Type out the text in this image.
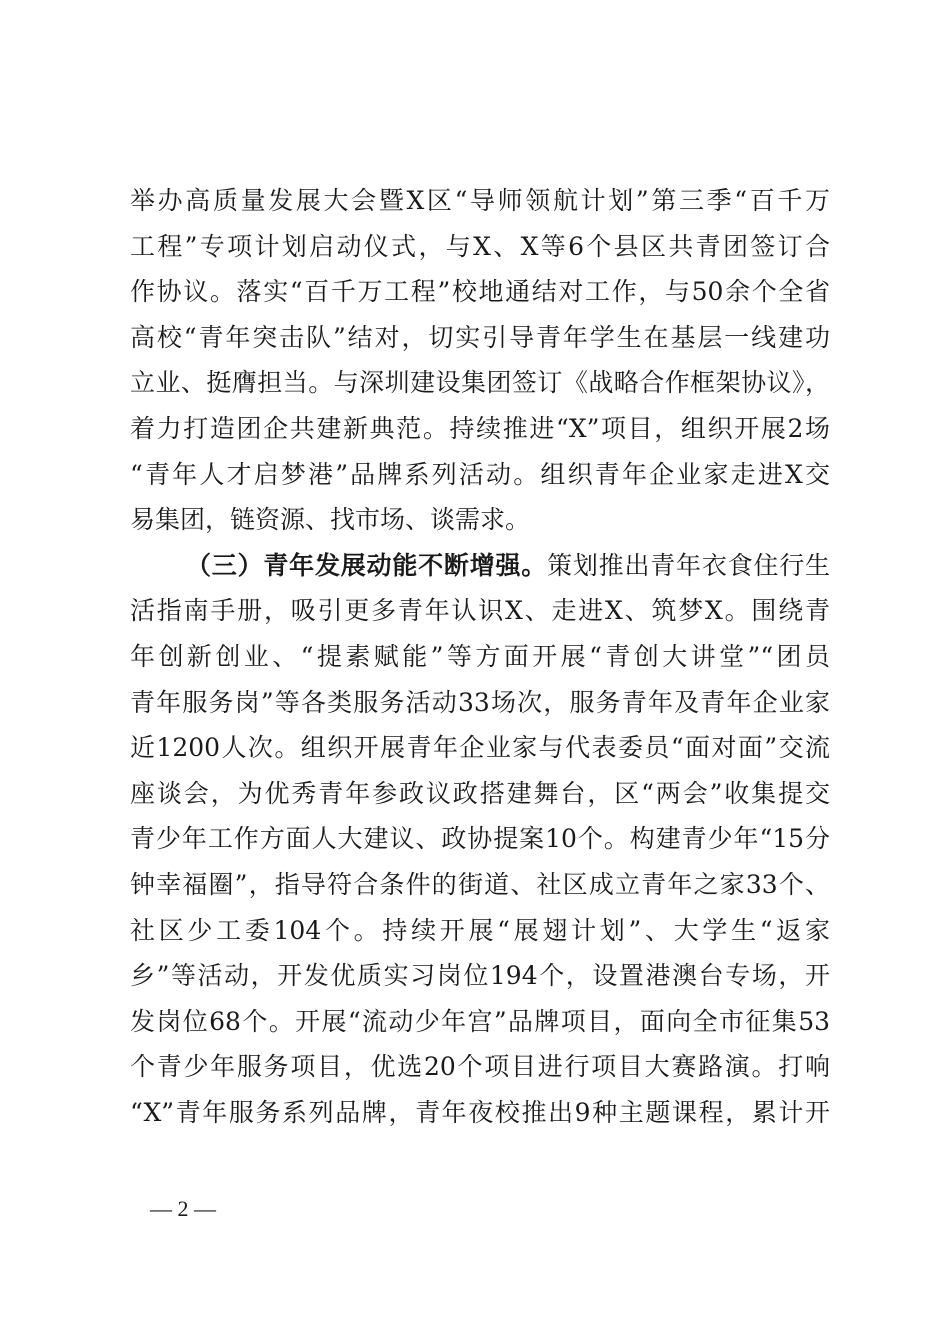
举办高质量发展大会暨X区“导师领航计划”第三季“百千万
工程”专项计划启动仪式，与X、X等6个县区共青团签订合
作协议。落实“百千万工程”校地通结对工作，与50余个全省
高校“青年突击队”结对，切实引导青年学生在基层一线建功
立业、挺膺担当。与深圳建设集团签订《战略合作框架协议》，
着力打造团企共建新典范。持续推进“X”项目，组织开展2场
“青年人才启梦港”品牌系列活动。组织青年企业家走进X交
易集团，链资源、找市场、谈需求。
（三）青年发展动能不断增强。策划推出青年衣食住行生
活指南手册，吸引更多青年认识X、走进X、筑梦X。围绕青
年创新创业、“提素赋能”等方面开展“青创大讲堂”“团员
青年服务岗”等各类服务活动33场次，服务青年及青年企业家
近1200人次。组织开展青年企业家与代表委员“面对面”交流
座谈会，为优秀青年参政议政搭建舞台，区“两会”收集提交
青少年工作方面人大建议、政协提案10个。构建青少年“15分
钟幸福圈”，指导符合条件的街道、社区成立青年之家33个、
社区少工委104个。持续开展“展翅计划”、大学生“返家
乡”等活动，开发优质实习岗位194个，设置港澳台专场，开
发岗位68个。开展“流动少年宫”品牌项目，面向全市征集53
个青少年服务项目，优选20个项目进行项目大赛路演。打响
“X”青年服务系列品牌，青年夜校推出9种主题课程，累计开
— 2 —
